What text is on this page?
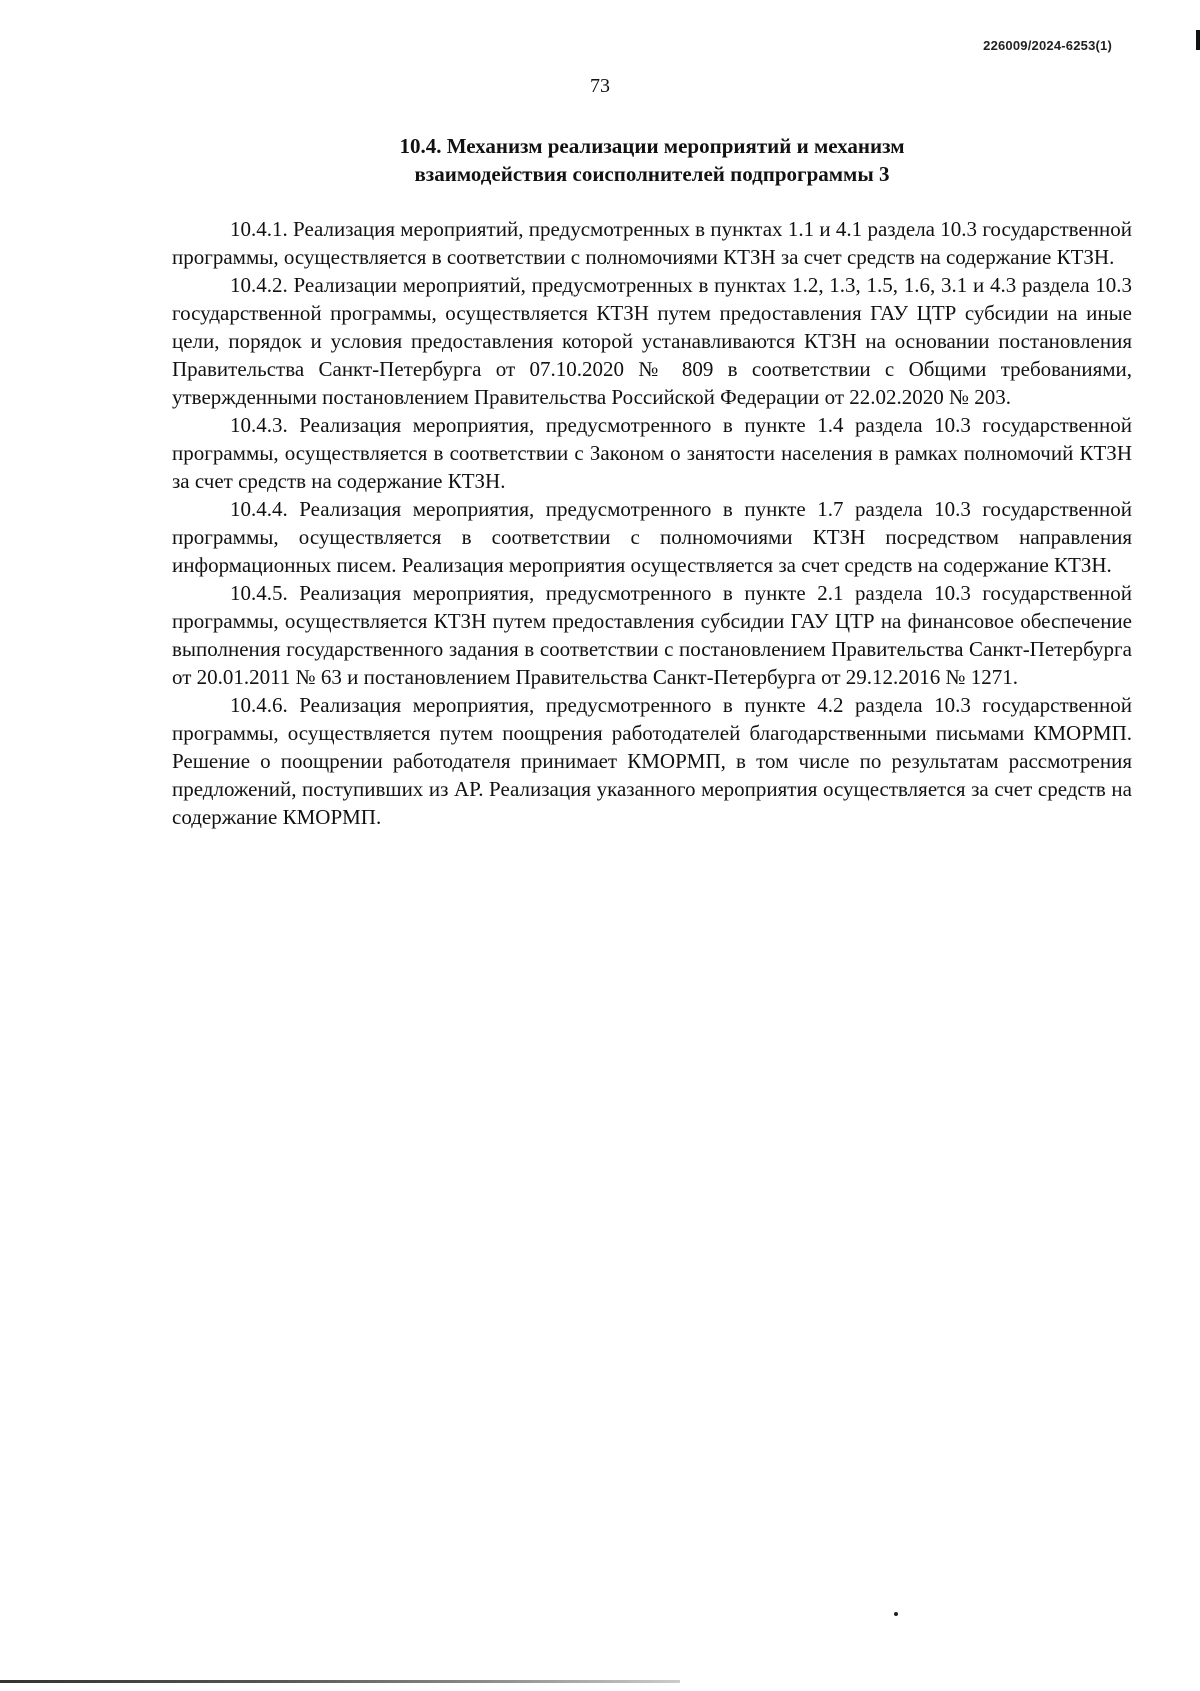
226009/2024-6253(1)
73
10.4. Механизм реализации мероприятий и механизм
взаимодействия соисполнителей подпрограммы 3

10.4.1. Реализация мероприятий, предусмотренных в пунктах 1.1 и 4.1 раздела 10.3 государственной программы, осуществляется в соответствии с полномочиями КТЗН за счет средств на содержание КТЗН.

10.4.2. Реализации мероприятий, предусмотренных в пунктах 1.2, 1.3, 1.5, 1.6, 3.1 и 4.3 раздела 10.3 государственной программы, осуществляется КТЗН путем предоставления ГАУ ЦТР субсидии на иные цели, порядок и условия предоставления которой устанавливаются КТЗН на основании постановления Правительства Санкт-Петербурга от 07.10.2020 № 809 в соответствии с Общими требованиями, утвержденными постановлением Правительства Российской Федерации от 22.02.2020 № 203.

10.4.3. Реализация мероприятия, предусмотренного в пункте 1.4 раздела 10.3 государственной программы, осуществляется в соответствии с Законом о занятости населения в рамках полномочий КТЗН за счет средств на содержание КТЗН.

10.4.4. Реализация мероприятия, предусмотренного в пункте 1.7 раздела 10.3 государственной программы, осуществляется в соответствии с полномочиями КТЗН посредством направления информационных писем. Реализация мероприятия осуществляется за счет средств на содержание КТЗН.

10.4.5. Реализация мероприятия, предусмотренного в пункте 2.1 раздела 10.3 государственной программы, осуществляется КТЗН путем предоставления субсидии ГАУ ЦТР на финансовое обеспечение выполнения государственного задания в соответствии с постановлением Правительства Санкт-Петербурга от 20.01.2011 № 63 и постановлением Правительства Санкт-Петербурга от 29.12.2016 № 1271.

10.4.6. Реализация мероприятия, предусмотренного в пункте 4.2 раздела 10.3 государственной программы, осуществляется путем поощрения работодателей благодарственными письмами КМОРМП. Решение о поощрении работодателя принимает КМОРМП, в том числе по результатам рассмотрения предложений, поступивших из АР. Реализация указанного мероприятия осуществляется за счет средств на содержание КМОРМП.
